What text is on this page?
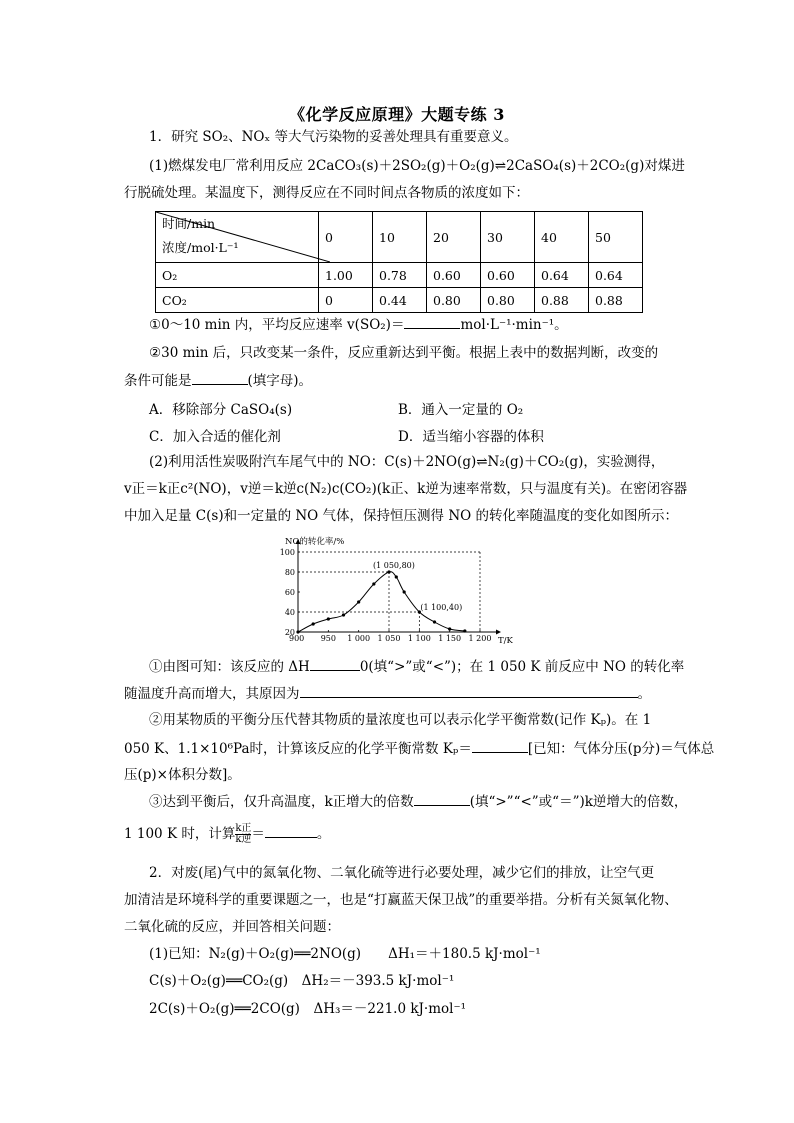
《化学反应原理》大题专练 3
1．研究 SO₂、NOₓ 等大气污染物的妥善处理具有重要意义。
(1)燃煤发电厂常利用反应 2CaCO₃(s)＋2SO₂(g)＋O₂(g)⇌2CaSO₄(s)＋2CO₂(g)对煤进
行脱硫处理。某温度下，测得反应在不同时间点各物质的浓度如下：
时间/min
浓度/mol·L⁻¹	0	10	20	30	40	50
O₂	1.00	0.78	0.60	0.60	0.64	0.64
CO₂	0	0.44	0.80	0.80	0.88	0.88
①0～10 min 内，平均反应速率 v(SO₂)＝	mol·L⁻¹·min⁻¹。
②30 min 后，只改变某一条件，反应重新达到平衡。根据上表中的数据判断，改变的
条件可能是	(填字母)。
A．移除部分 CaSO₄(s)	B．通入一定量的 O₂
C．加入合适的催化剂	D．适当缩小容器的体积
(2)利用活性炭吸附汽车尾气中的 NO：C(s)＋2NO(g)⇌N₂(g)＋CO₂(g)，实验测得，
v正＝k正c²(NO)，v逆＝k逆c(N₂)c(CO₂)(k正、k逆为速率常数，只与温度有关)。在密闭容器
中加入足量 C(s)和一定量的 NO 气体，保持恒压测得 NO 的转化率随温度的变化如图所示：
900 950 1 000 1 050 1 100 1 150 1 200
20
40
60
80
100
(1 050,80)
(1 100,40)
NO的转化率/%
T/K
①由图可知：该反应的 ΔH	0(填“>”或“<”)；在 1 050 K 前反应中 NO 的转化率
随温度升高而增大，其原因为	。
②用某物质的平衡分压代替其物质的量浓度也可以表示化学平衡常数(记作 Kₚ)。在 1
050 K、1.1×10⁶Pa时，计算该反应的化学平衡常数 Kₚ＝	[已知：气体分压(p分)＝气体总
压(p)×体积分数]。
③达到平衡后，仅升高温度，k正增大的倍数	(填“>”“<”或“＝”)k逆增大的倍数，
1 100 K 时，计算 $\frac{\text{k正}}{\text{k逆}}$ ＝	。
2．对废(尾)气中的氮氧化物、二氧化硫等进行必要处理，减少它们的排放，让空气更
加清洁是环境科学的重要课题之一，也是“打赢蓝天保卫战”的重要举措。分析有关氮氧化物、
二氧化硫的反应，并回答相关问题：
(1)已知：N₂(g)＋O₂(g)══2NO(g)　　ΔH₁＝＋180.5 kJ·mol⁻¹
C(s)＋O₂(g)══CO₂(g)　ΔH₂＝－393.5 kJ·mol⁻¹
2C(s)＋O₂(g)══2CO(g)　ΔH₃＝－221.0 kJ·mol⁻¹
